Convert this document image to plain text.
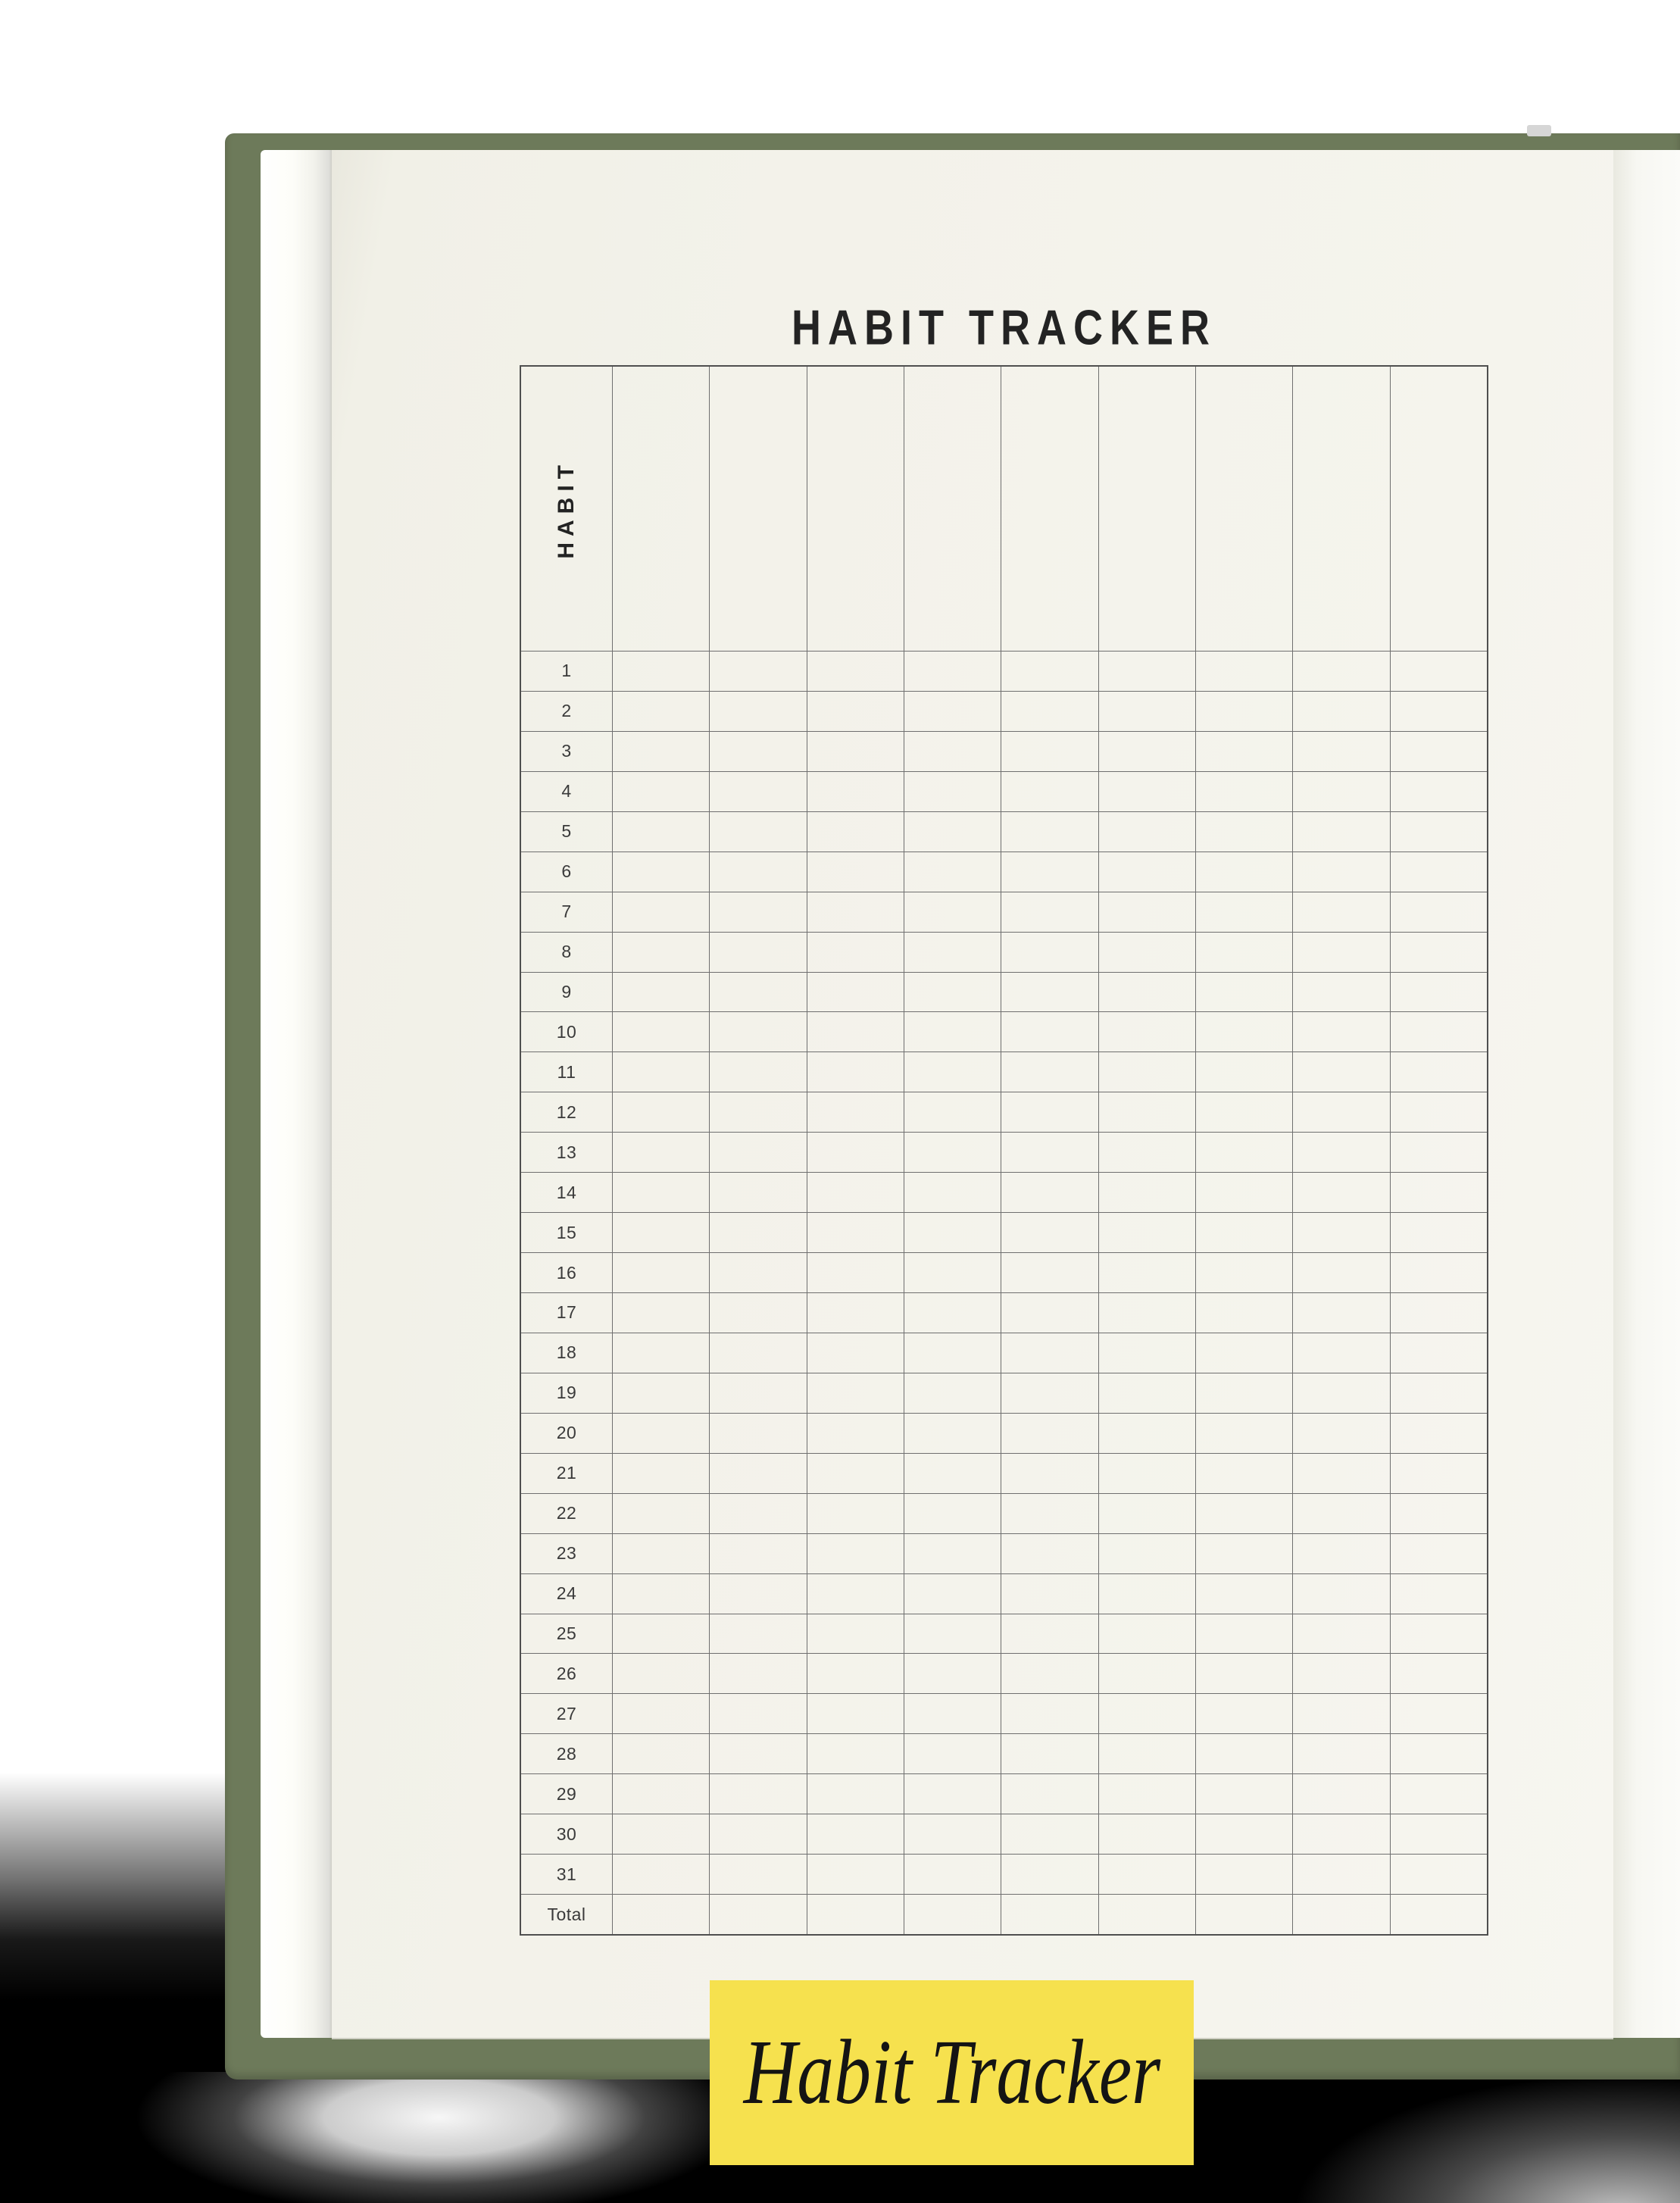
HABIT TRACKER
HABIT
1
2
3
4
5
6
7
8
9
10
11
12
13
14
15
16
17
18
19
20
21
22
23
24
25
26
27
28
29
30
31
Total
Habit Tracker
